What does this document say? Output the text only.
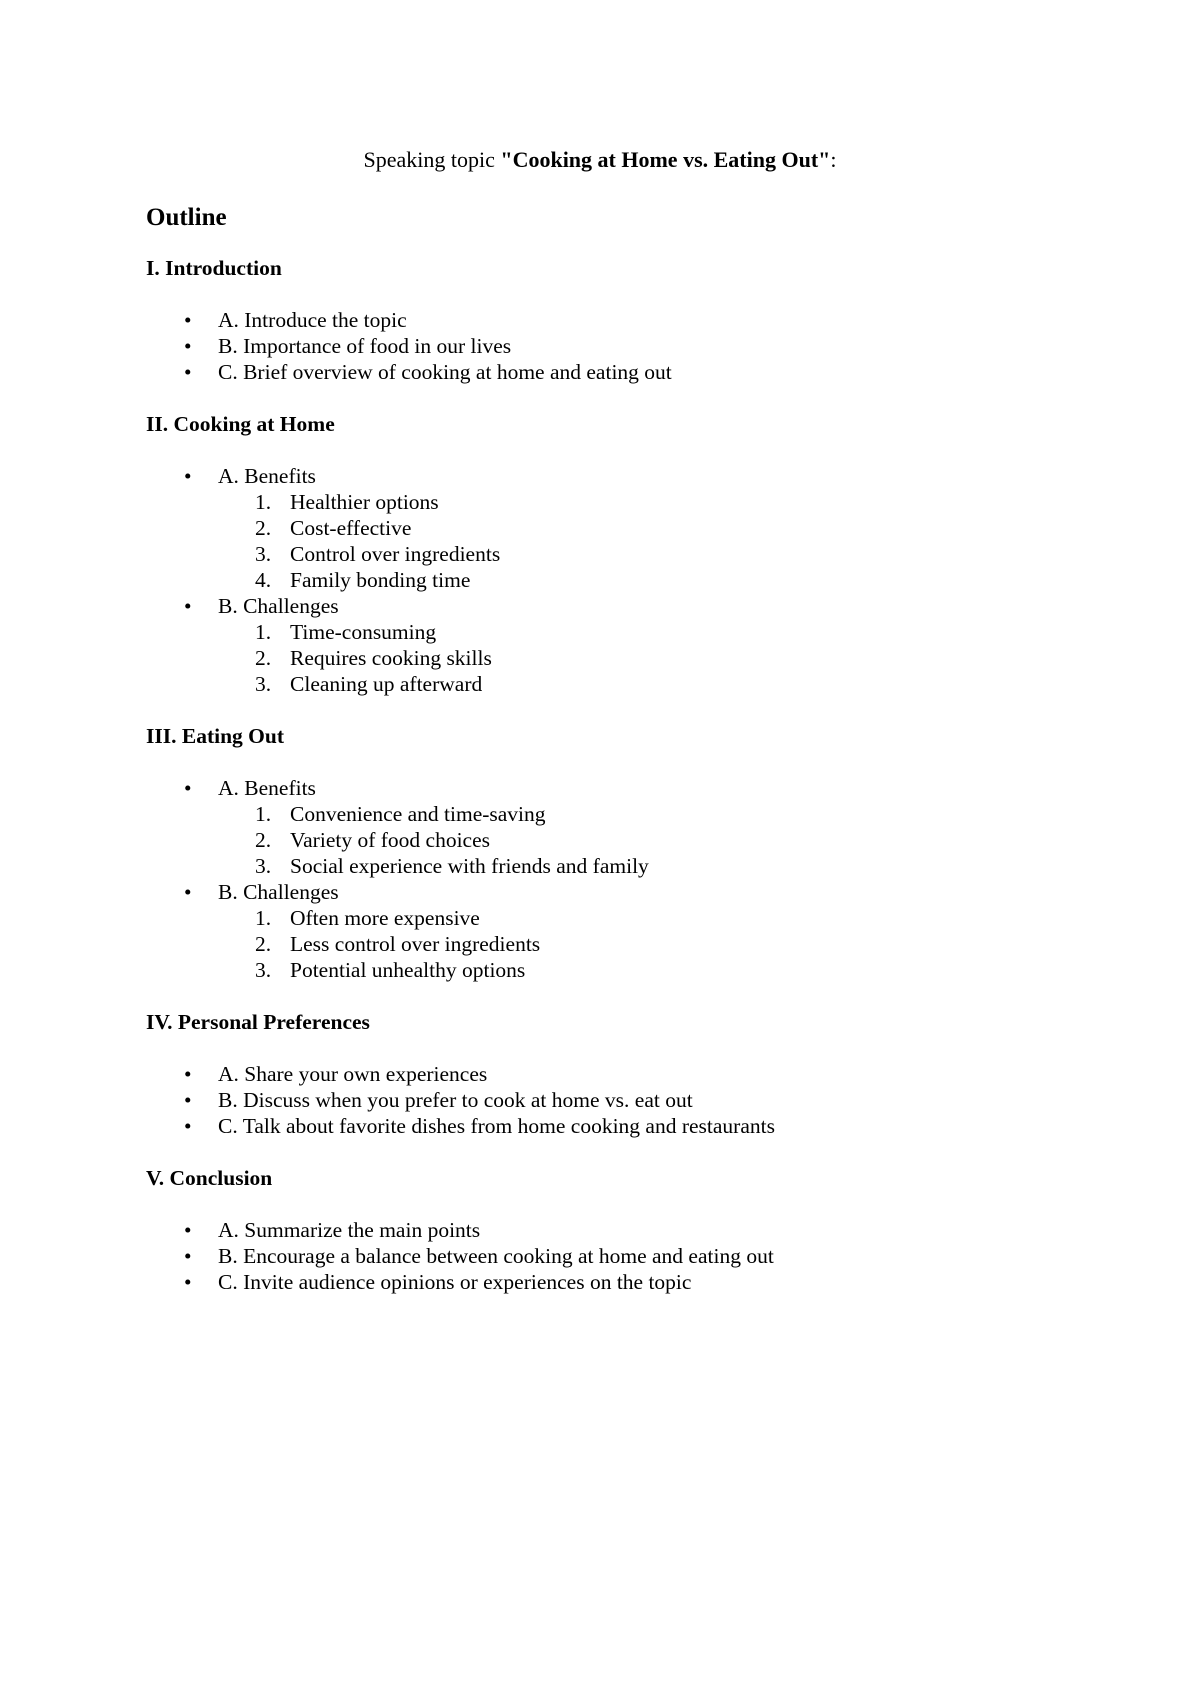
Speaking topic "Cooking at Home vs. Eating Out":
Outline
I. Introduction
• A. Introduce the topic
• B. Importance of food in our lives
• C. Brief overview of cooking at home and eating out
II. Cooking at Home
• A. Benefits
1. Healthier options
2. Cost-effective
3. Control over ingredients
4. Family bonding time
• B. Challenges
1. Time-consuming
2. Requires cooking skills
3. Cleaning up afterward
III. Eating Out
• A. Benefits
1. Convenience and time-saving
2. Variety of food choices
3. Social experience with friends and family
• B. Challenges
1. Often more expensive
2. Less control over ingredients
3. Potential unhealthy options
IV. Personal Preferences
• A. Share your own experiences
• B. Discuss when you prefer to cook at home vs. eat out
• C. Talk about favorite dishes from home cooking and restaurants
V. Conclusion
• A. Summarize the main points
• B. Encourage a balance between cooking at home and eating out
• C. Invite audience opinions or experiences on the topic
